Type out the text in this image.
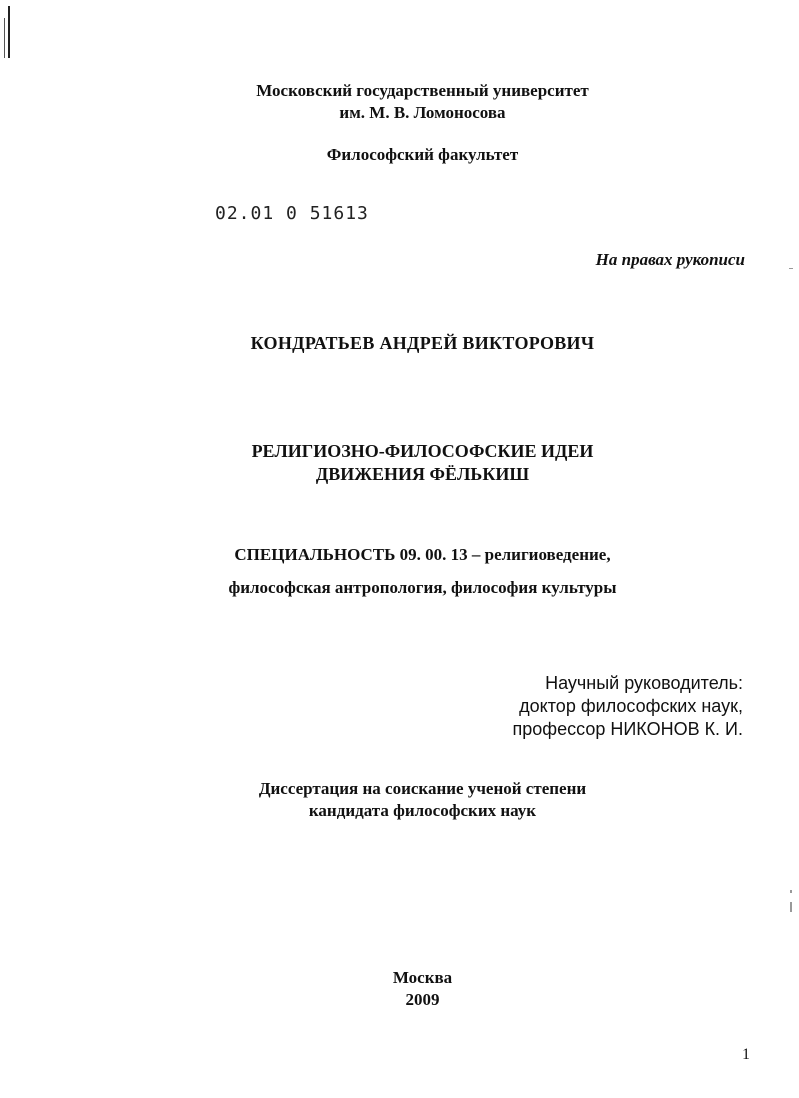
Московский государственный университет
им. М. В. Ломоносова
Философский факультет
0⁩2.01 0 51613
На правах рукописи
КОНДРАТЬЕВ АНДРЕЙ ВИКТОРОВИЧ
РЕЛИГИОЗНО-ФИЛОСОФСКИЕ ИДЕИ
ДВИЖЕНИЯ ФЁЛЬКИШ
СПЕЦИАЛЬНОСТЬ 09. 00. 13 – религиоведение,
философская антропология, философия культуры
Научный руководитель:
доктор философских наук,
профессор НИКОНОВ К. И.
Диссертация на соискание ученой степени
кандидата философских наук
Москва
2009
1
